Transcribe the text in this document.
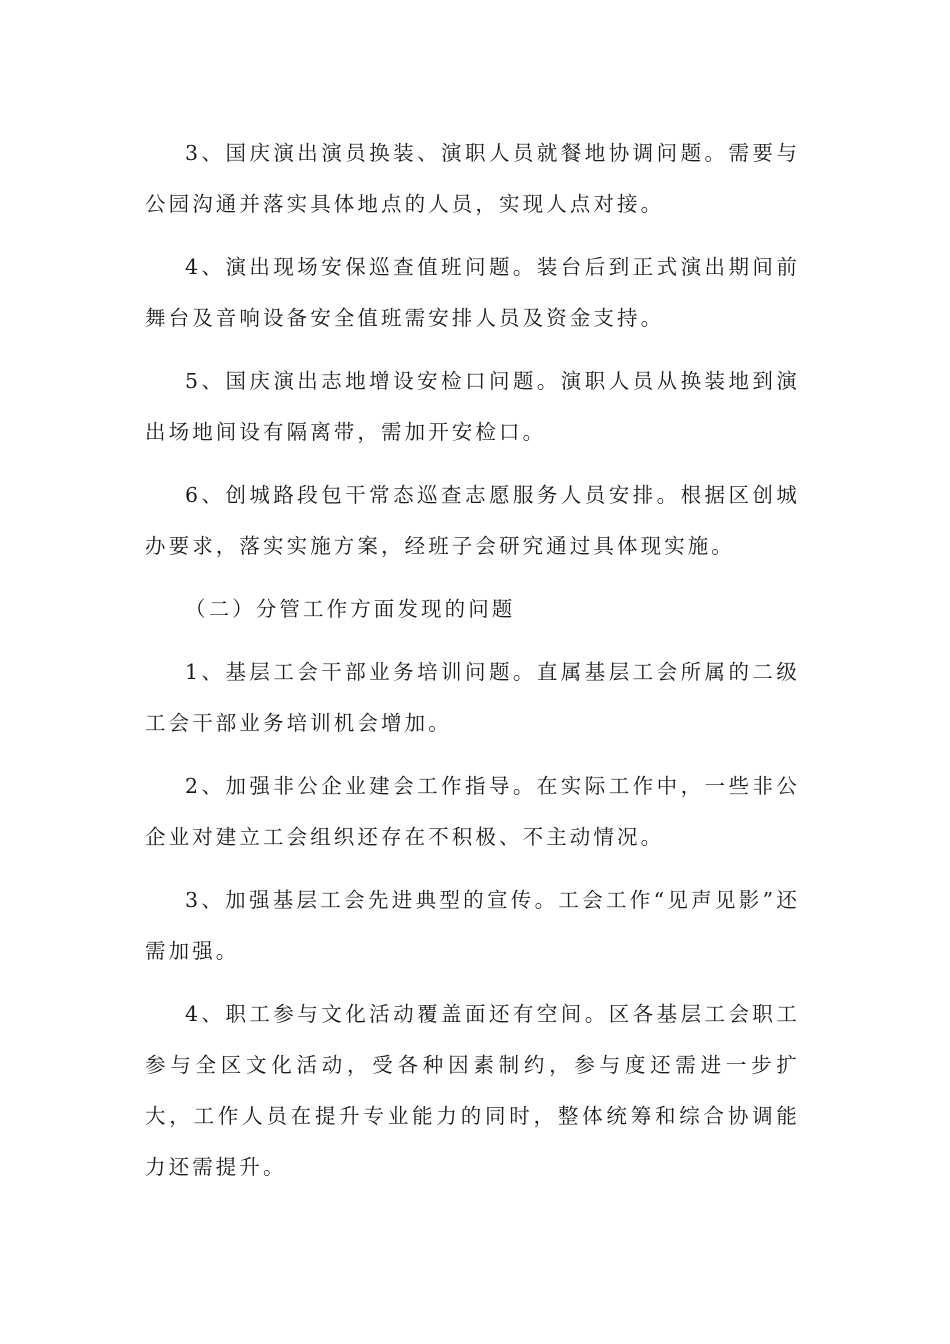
3、国庆演出演员换装、演职人员就餐地协调问题。需要与公园沟通并落实具体地点的人员，实现人点对接。

4、演出现场安保巡查值班问题。装台后到正式演出期间前舞台及音响设备安全值班需安排人员及资金支持。

5、国庆演出志地增设安检口问题。演职人员从换装地到演出场地间设有隔离带，需加开安检口。

6、创城路段包干常态巡查志愿服务人员安排。根据区创城办要求，落实实施方案，经班子会研究通过具体现实施。

（二）分管工作方面发现的问题

1、基层工会干部业务培训问题。直属基层工会所属的二级工会干部业务培训机会增加。

2、加强非公企业建会工作指导。在实际工作中，一些非公企业对建立工会组织还存在不积极、不主动情况。

3、加强基层工会先进典型的宣传。工会工作“见声见影”还需加强。

4、职工参与文化活动覆盖面还有空间。区各基层工会职工参与全区文化活动，受各种因素制约，参与度还需进一步扩大，工作人员在提升专业能力的同时，整体统筹和综合协调能力还需提升。
